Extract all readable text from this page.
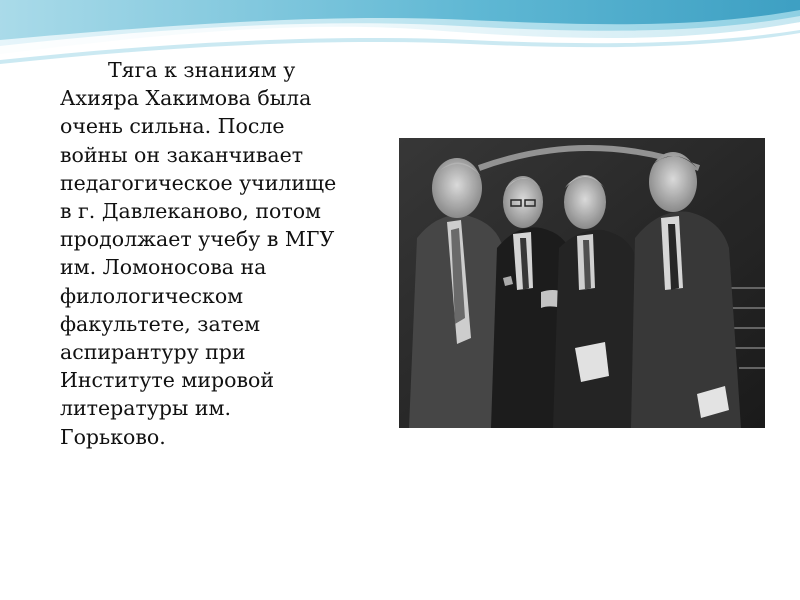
Тяга к знаниям у
Ахияра Хакимова была
очень сильна. После
войны он заканчивает
педагогическое училище
в г. Давлеканово, потом
продолжает учебу в МГУ
им. Ломоносова на
филологическом
факультете, затем
аспирантуру при
Институте мировой
литературы им.
Горьково.
